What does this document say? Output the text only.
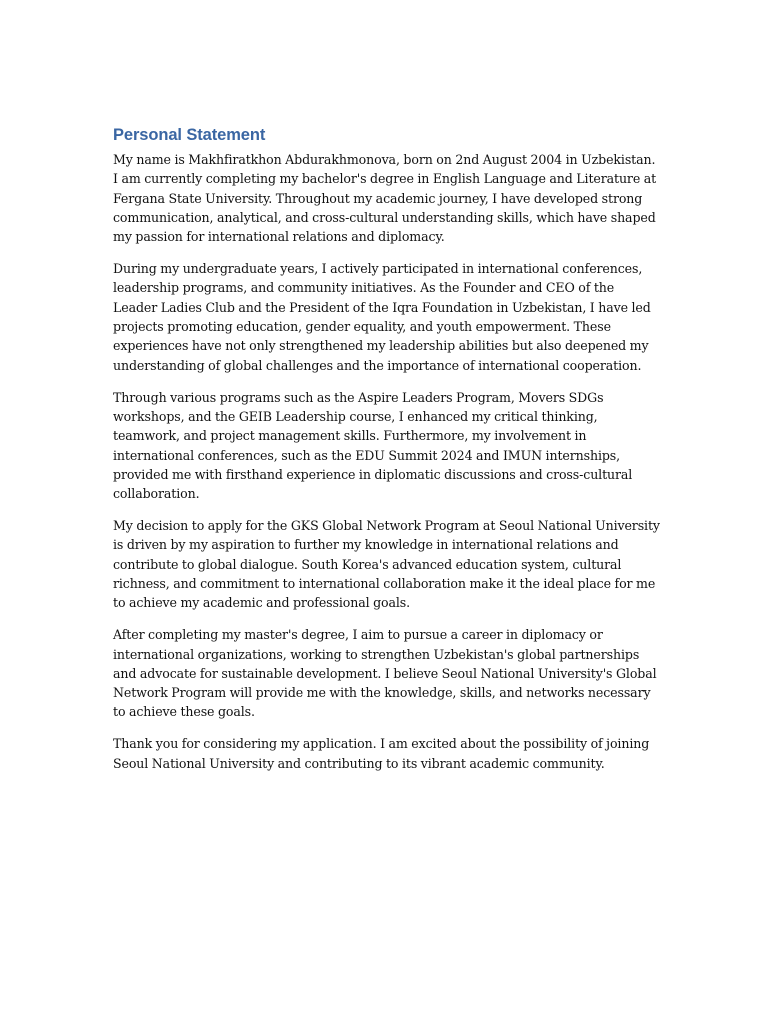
Personal Statement

My name is Makhfiratkhon Abdurakhmonova, born on 2nd August 2004 in Uzbekistan. I am currently completing my bachelor's degree in English Language and Literature at Fergana State University. Throughout my academic journey, I have developed strong communication, analytical, and cross-cultural understanding skills, which have shaped my passion for international relations and diplomacy.

During my undergraduate years, I actively participated in international conferences, leadership programs, and community initiatives. As the Founder and CEO of the Leader Ladies Club and the President of the Iqra Foundation in Uzbekistan, I have led projects promoting education, gender equality, and youth empowerment. These experiences have not only strengthened my leadership abilities but also deepened my understanding of global challenges and the importance of international cooperation.

Through various programs such as the Aspire Leaders Program, Movers SDGs workshops, and the GEIB Leadership course, I enhanced my critical thinking, teamwork, and project management skills. Furthermore, my involvement in international conferences, such as the EDU Summit 2024 and IMUN internships, provided me with firsthand experience in diplomatic discussions and cross-cultural collaboration.

My decision to apply for the GKS Global Network Program at Seoul National University is driven by my aspiration to further my knowledge in international relations and contribute to global dialogue. South Korea's advanced education system, cultural richness, and commitment to international collaboration make it the ideal place for me to achieve my academic and professional goals.

After completing my master's degree, I aim to pursue a career in diplomacy or international organizations, working to strengthen Uzbekistan's global partnerships and advocate for sustainable development. I believe Seoul National University's Global Network Program will provide me with the knowledge, skills, and networks necessary to achieve these goals.

Thank you for considering my application. I am excited about the possibility of joining Seoul National University and contributing to its vibrant academic community.
